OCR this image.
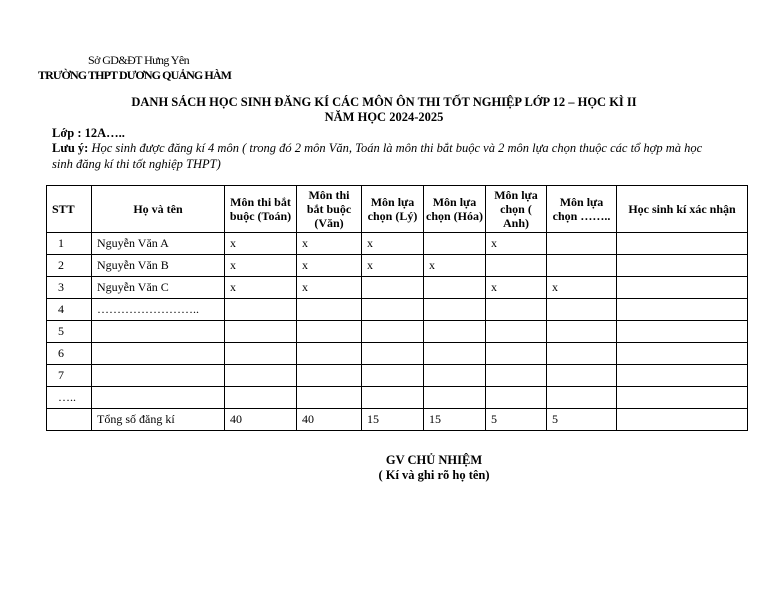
Sở GD&ĐT Hưng Yên
TRƯỜNG THPT DƯƠNG QUẢNG HÀM
DANH SÁCH HỌC SINH ĐĂNG KÍ CÁC MÔN ÔN THI TỐT NGHIỆP LỚP 12 – HỌC KÌ II
NĂM HỌC 2024-2025
Lớp : 12A…..
Lưu ý: Học sinh được đăng kí 4 môn ( trong đó 2 môn Văn, Toán là môn thi bắt buộc và 2 môn lựa chọn thuộc các tổ hợp mà học sinh đăng kí thi tốt nghiệp THPT)
STT	Họ và tên	Môn thi bắt buộc (Toán)	Môn thi bắt buộc (Văn)	Môn lựa chọn (Lý)	Môn lựa chọn (Hóa)	Môn lựa chọn ( Anh)	Môn lựa chọn ……..	Học sinh kí xác nhận
1	Nguyễn Văn A	x	x	x		x		
2	Nguyễn Văn B	x	x	x	x			
3	Nguyễn Văn C	x	x			x	x	
4	……………………..							
5								
6								
7								
…..								
	Tổng số đăng kí	40	40	15	15	5	5	
GV CHỦ NHIỆM
( Kí và ghi rõ họ tên)
